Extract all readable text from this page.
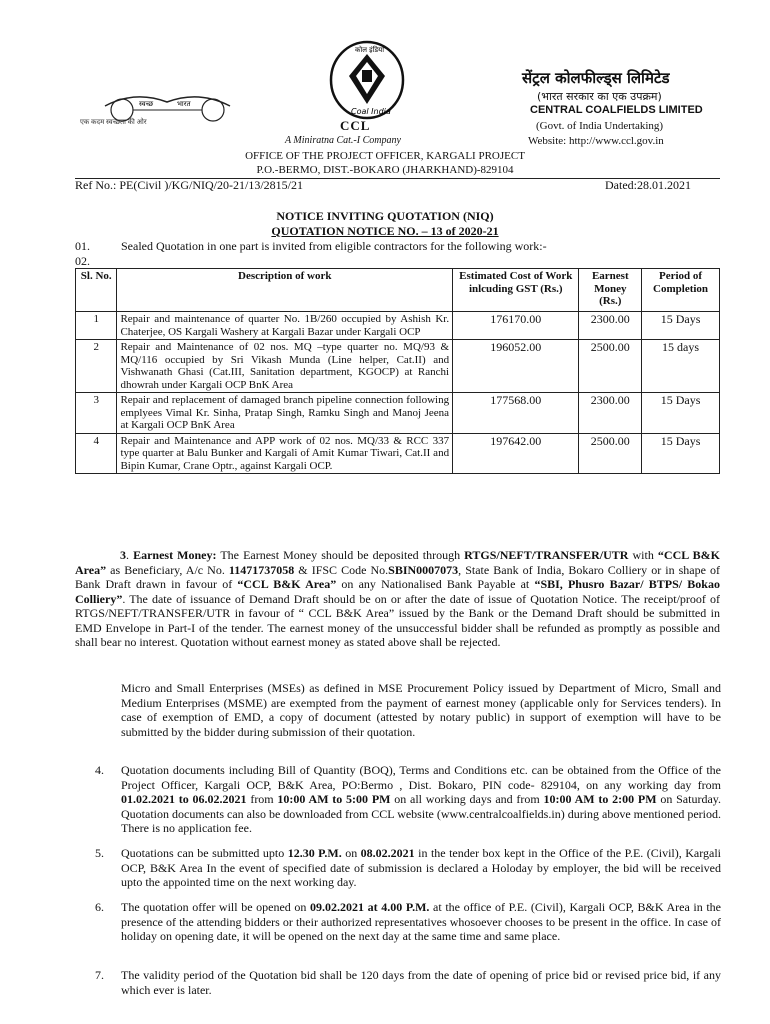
स्वच्छ	भारत
एक कदम स्वच्छता की ओर
कोल इंडिया
Coal India
CCL
A Miniratna Cat.-I Company
सेंट्रल कोलफील्ड्स लिमिटेड
(भारत सरकार का एक उपक्रम)
CENTRAL COALFIELDS LIMITED
(Govt. of India Undertaking)
Website: http://www.ccl.gov.in
OFFICE OF THE PROJECT OFFICER, KARGALI PROJECT
P.O.-BERMO, DIST.-BOKARO (JHARKHAND)-829104
Ref No.: PE(Civil )/KG/NIQ/20-21/13/2815/21	Dated:28.01.2021
NOTICE INVITING QUOTATION (NIQ)
QUOTATION NOTICE NO. – 13 of 2020-21
01.
02.
Sealed Quotation in one part is invited from eligible contractors for the following work:-
Sl. No.	Description of work	Estimated Cost of Work inlcuding GST (Rs.)	Earnest Money (Rs.)	Period of Completion
1	Repair and maintenance of quarter No. 1B/260 occupied by Ashish Kr. Chaterjee, OS Kargali Washery at Kargali Bazar under Kargali OCP	176170.00	2300.00	15 Days
2	Repair and Maintenance of 02 nos. MQ –type quarter no. MQ/93 & MQ/116 occupied by Sri Vikash Munda (Line helper, Cat.II) and Vishwanath Ghasi (Cat.III, Sanitation department, KGOCP) at Ranchi dhowrah under Kargali OCP BnK Area	196052.00	2500.00	15 days
3	Repair and replacement of damaged branch pipeline connection following emplyees Vimal Kr. Sinha, Pratap Singh, Ramku Singh and Manoj Jeena at Kargali OCP BnK Area	177568.00	2300.00	15 Days
4	Repair and Maintenance and APP work of 02 nos. MQ/33 & RCC 337 type quarter at Balu Bunker and Kargali of Amit Kumar Tiwari, Cat.II and Bipin Kumar, Crane Optr., against Kargali OCP.	197642.00	2500.00	15 Days
3. Earnest Money: The Earnest Money should be deposited through RTGS/NEFT/TRANSFER/UTR with “CCL B&K Area” as Beneficiary, A/c No. 11471737058 & IFSC Code No.SBIN0007073, State Bank of India, Bokaro Colliery or in shape of Bank Draft drawn in favour of “CCL B&K Area” on any Nationalised Bank Payable at “SBI, Phusro Bazar/ BTPS/ Bokao Colliery”. The date of issuance of Demand Draft should be on or after the date of issue of Quotation Notice. The receipt/proof of RTGS/NEFT/TRANSFER/UTR in favour of “ CCL B&K Area” issued by the Bank or the Demand Draft should be submitted in EMD Envelope in Part-I of the tender. The earnest money of the unsuccessful bidder shall be refunded as promptly as possible and shall bear no interest. Quotation without earnest money as stated above shall be rejected.
Micro and Small Enterprises (MSEs) as defined in MSE Procurement Policy issued by Department of Micro, Small and Medium Enterprises (MSME) are exempted from the payment of earnest money (applicable only for Services tenders). In case of exemption of EMD, a copy of document (attested by notary public) in support of exemption will have to be submitted by the bidder during submission of their quotation.
4. Quotation documents including Bill of Quantity (BOQ), Terms and Conditions etc. can be obtained from the Office of the Project Officer, Kargali OCP, B&K Area, PO:Bermo , Dist. Bokaro, PIN code- 829104, on any working day from 01.02.2021 to 06.02.2021 from 10:00 AM to 5:00 PM on all working days and from 10:00 AM to 2:00 PM on Saturday. Quotation documents can also be downloaded from CCL website (www.centralcoalfields.in) during above mentioned period. There is no application fee.
5. Quotations can be submitted upto 12.30 P.M. on 08.02.2021 in the tender box kept in the Office of the P.E. (Civil), Kargali OCP, B&K Area In the event of specified date of submission is declared a Holoday by employer, the bid will be received upto the appointed time on the next working day.
6. The quotation offer will be opened on 09.02.2021 at 4.00 P.M. at the office of P.E. (Civil), Kargali OCP, B&K Area in the presence of the attending bidders or their authorized representatives whosoever chooses to be present in the office. In case of holiday on opening date, it will be opened on the next day at the same time and same place.
7. The validity period of the Quotation bid shall be 120 days from the date of opening of price bid or revised price bid, if any which ever is later.
